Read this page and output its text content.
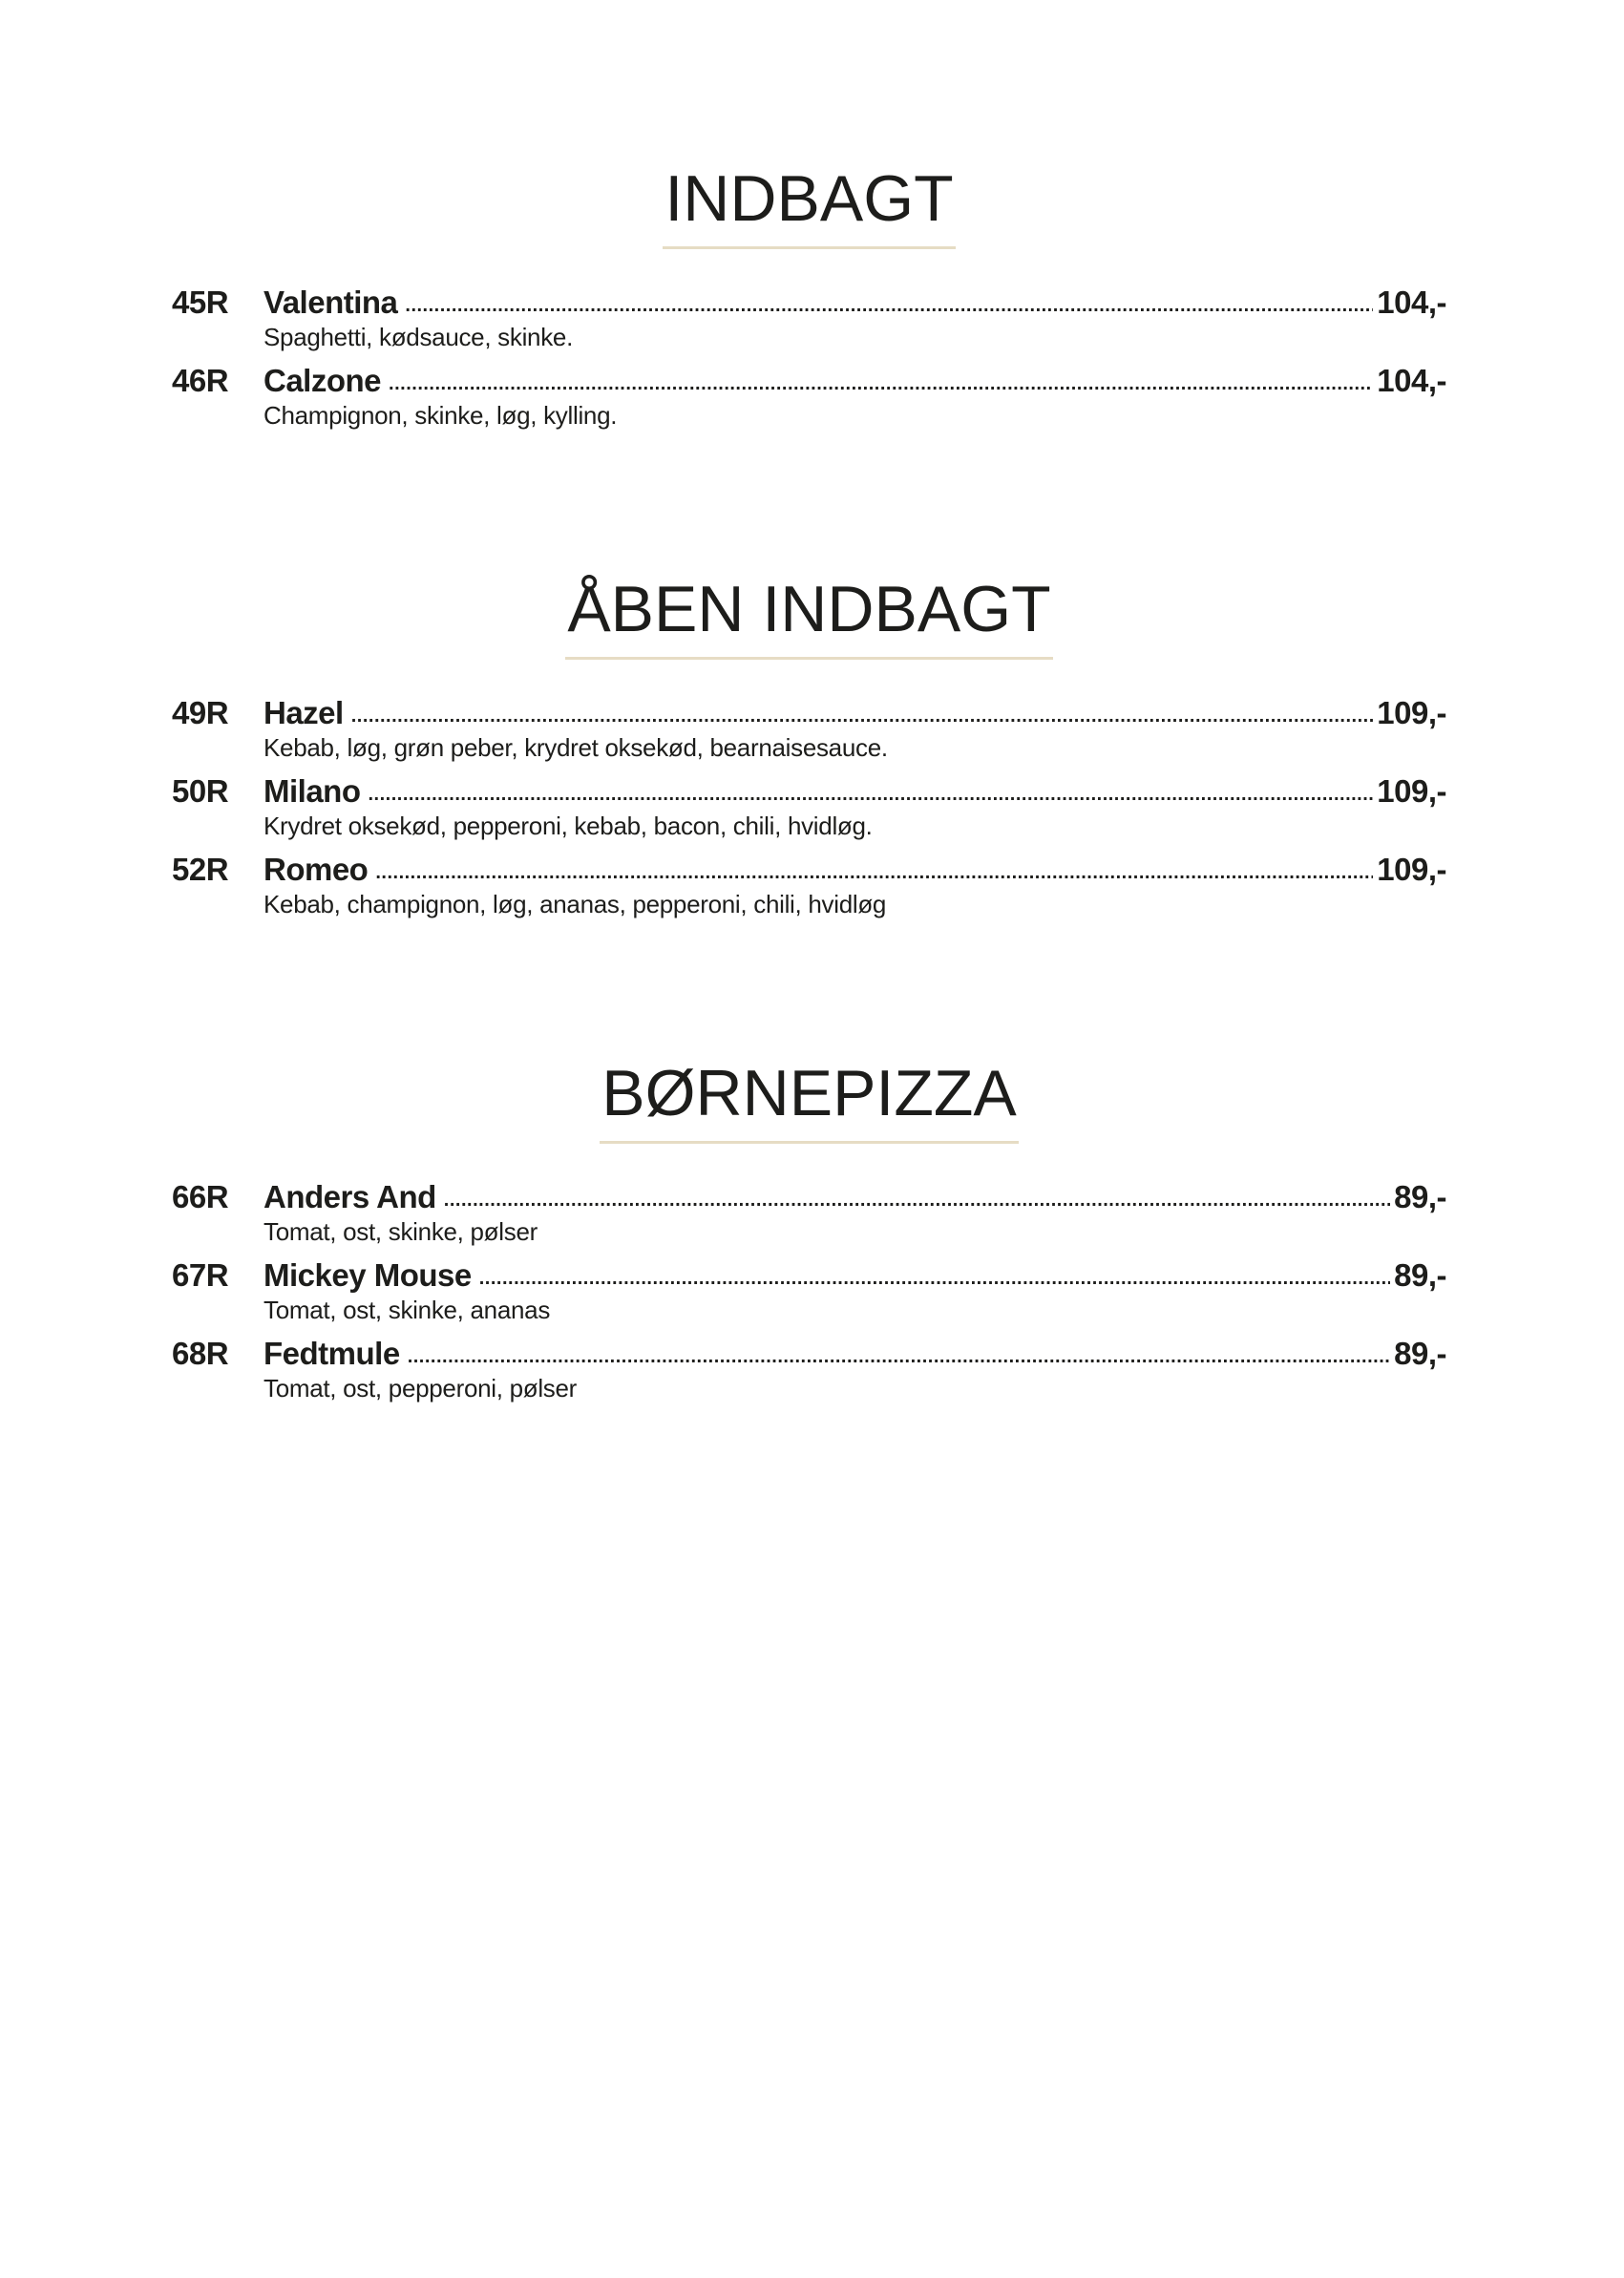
INDBAGT
45R	Valentina .....	104,-
Spaghetti, kødsauce, skinke.
46R	Calzone .....	104,-
Champignon, skinke, løg, kylling.
ÅBEN INDBAGT
49R	Hazel .....	109,-
Kebab, løg, grøn peber, krydret oksekød, bearnaisesauce.
50R	Milano .....	109,-
Krydret oksekød, pepperoni, kebab, bacon, chili, hvidløg.
52R	Romeo .....	109,-
Kebab, champignon, løg, ananas, pepperoni, chili, hvidløg
BØRNEPIZZA
66R	Anders And .....	89,-
Tomat, ost, skinke, pølser
67R	Mickey Mouse .....	89,-
Tomat, ost, skinke, ananas
68R	Fedtmule .....	89,-
Tomat, ost, pepperoni, pølser
